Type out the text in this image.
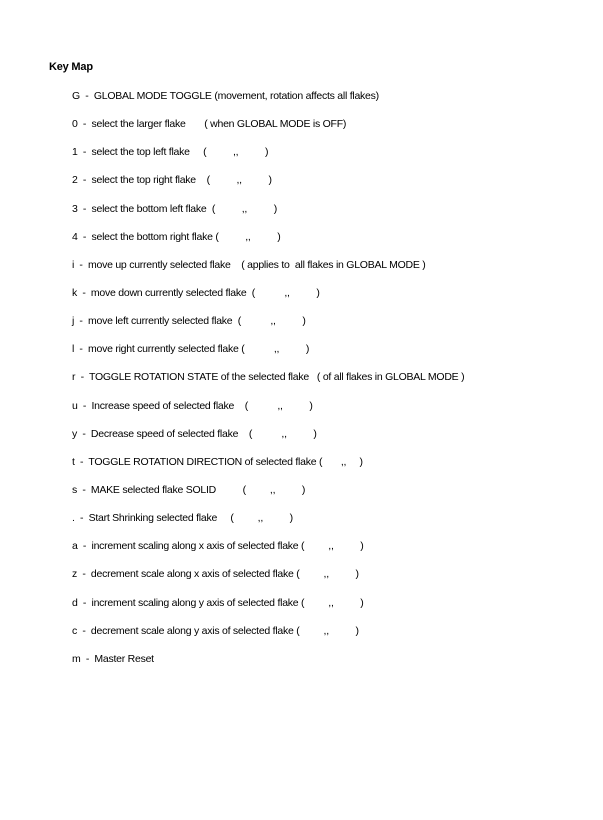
Key Map
G  -  GLOBAL MODE TOGGLE (movement, rotation affects all flakes)
0  -  select the larger flake       ( when GLOBAL MODE is OFF)
1  -  select the top left flake     (          ,,          )
2  -  select the top right flake    (          ,,          )
3  -  select the bottom left flake  (          ,,          )
4  -  select the bottom right flake (          ,,          )
i  -  move up currently selected flake    ( applies to  all flakes in GLOBAL MODE )
k  -  move down currently selected flake  (           ,,          )
j  -  move left currently selected flake  (           ,,          )
l  -  move right currently selected flake (           ,,          )
r  -  TOGGLE ROTATION STATE of the selected flake   ( of all flakes in GLOBAL MODE )
u  -  Increase speed of selected flake    (           ,,          )
y  -  Decrease speed of selected flake    (           ,,          )
t  -  TOGGLE ROTATION DIRECTION of selected flake (       ,,     )
s  -  MAKE selected flake SOLID          (         ,,          )
.  -  Start Shrinking selected flake     (         ,,          )
a  -  increment scaling along x axis of selected flake (         ,,          )
z  -  decrement scale along x axis of selected flake (         ,,          )
d  -  increment scaling along y axis of selected flake (         ,,          )
c  -  decrement scale along y axis of selected flake (         ,,          )
m  -  Master Reset
